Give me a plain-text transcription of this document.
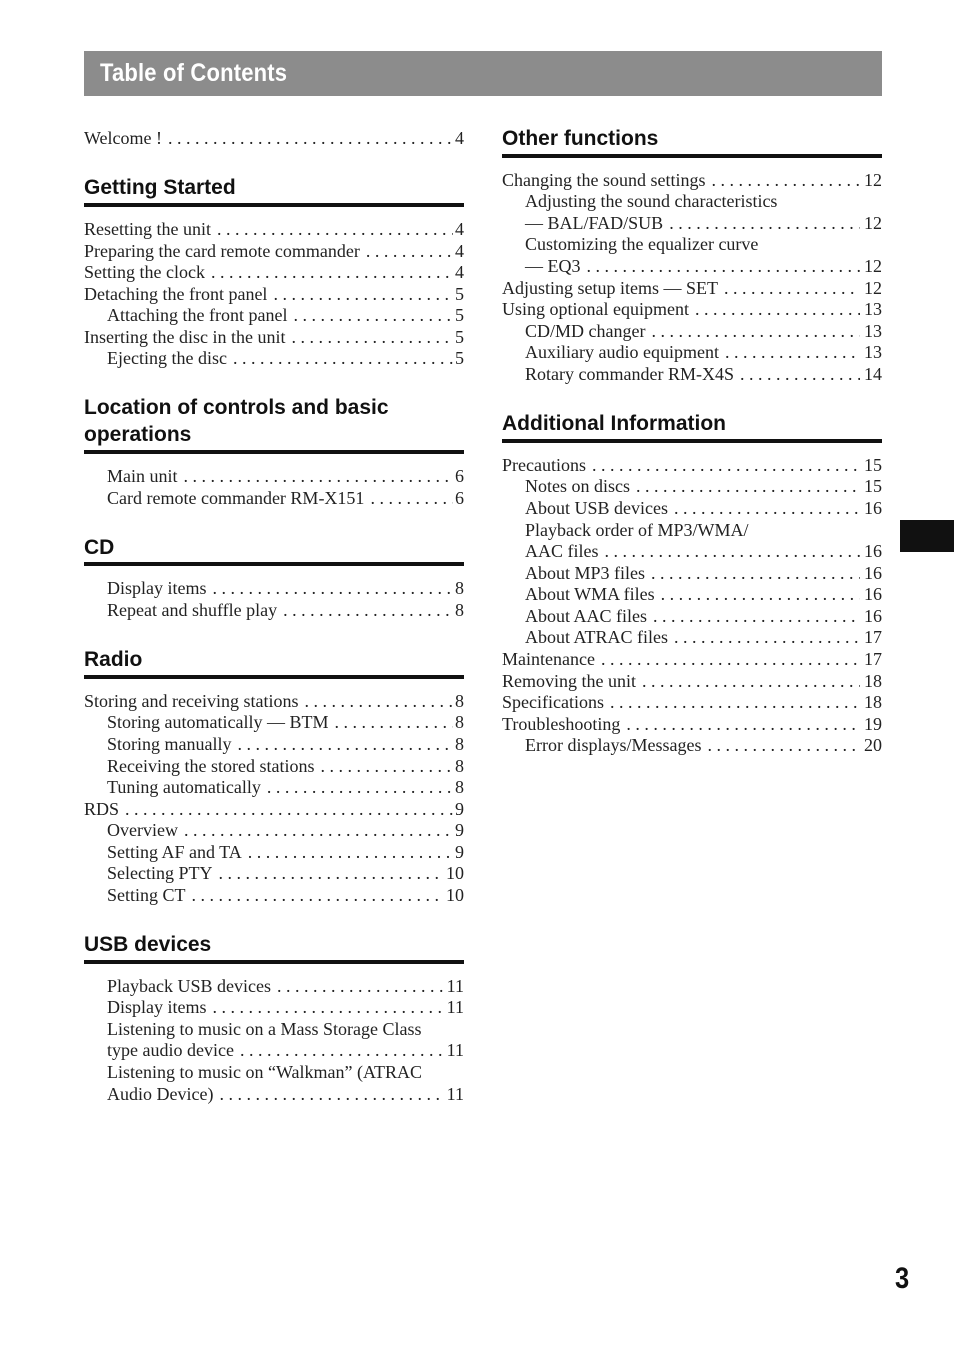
Table of Contents
Welcome ! . . .	4
Getting Started
Resetting the unit . . .	4
Preparing the card remote commander . . .	4
Setting the clock . . .	4
Detaching the front panel . . .	5
Attaching the front panel . . .	5
Inserting the disc in the unit . . .	5
Ejecting the disc . . .	5
Location of controls and basic
operations
Main unit . . .	6
Card remote commander RM-X151 . . .	6
CD
Display items . . .	8
Repeat and shuffle play . . .	8
Radio
Storing and receiving stations . . .	8
Storing automatically — BTM . . .	8
Storing manually . . .	8
Receiving the stored stations . . .	8
Tuning automatically . . .	8
RDS . . .	9
Overview . . .	9
Setting AF and TA . . .	9
Selecting PTY . . .	10
Setting CT . . .	10
USB devices
Playback USB devices . . .	11
Display items . . .	11
Listening to music on a Mass Storage Class
type audio device . . .	11
Listening to music on “Walkman” (ATRAC
Audio Device) . . .	11
Other functions
Changing the sound settings . . .	12
Adjusting the sound characteristics
— BAL/FAD/SUB . . .	12
Customizing the equalizer curve
— EQ3 . . .	12
Adjusting setup items — SET . . .	12
Using optional equipment . . .	13
CD/MD changer . . .	13
Auxiliary audio equipment . . .	13
Rotary commander RM-X4S . . .	14
Additional Information
Precautions . . .	15
Notes on discs . . .	15
About USB devices . . .	16
Playback order of MP3/WMA/
AAC files . . .	16
About MP3 files . . .	16
About WMA files . . .	16
About AAC files . . .	16
About ATRAC files . . .	17
Maintenance . . .	17
Removing the unit . . .	18
Specifications . . .	18
Troubleshooting . . .	19
Error displays/Messages . . .	20
3
